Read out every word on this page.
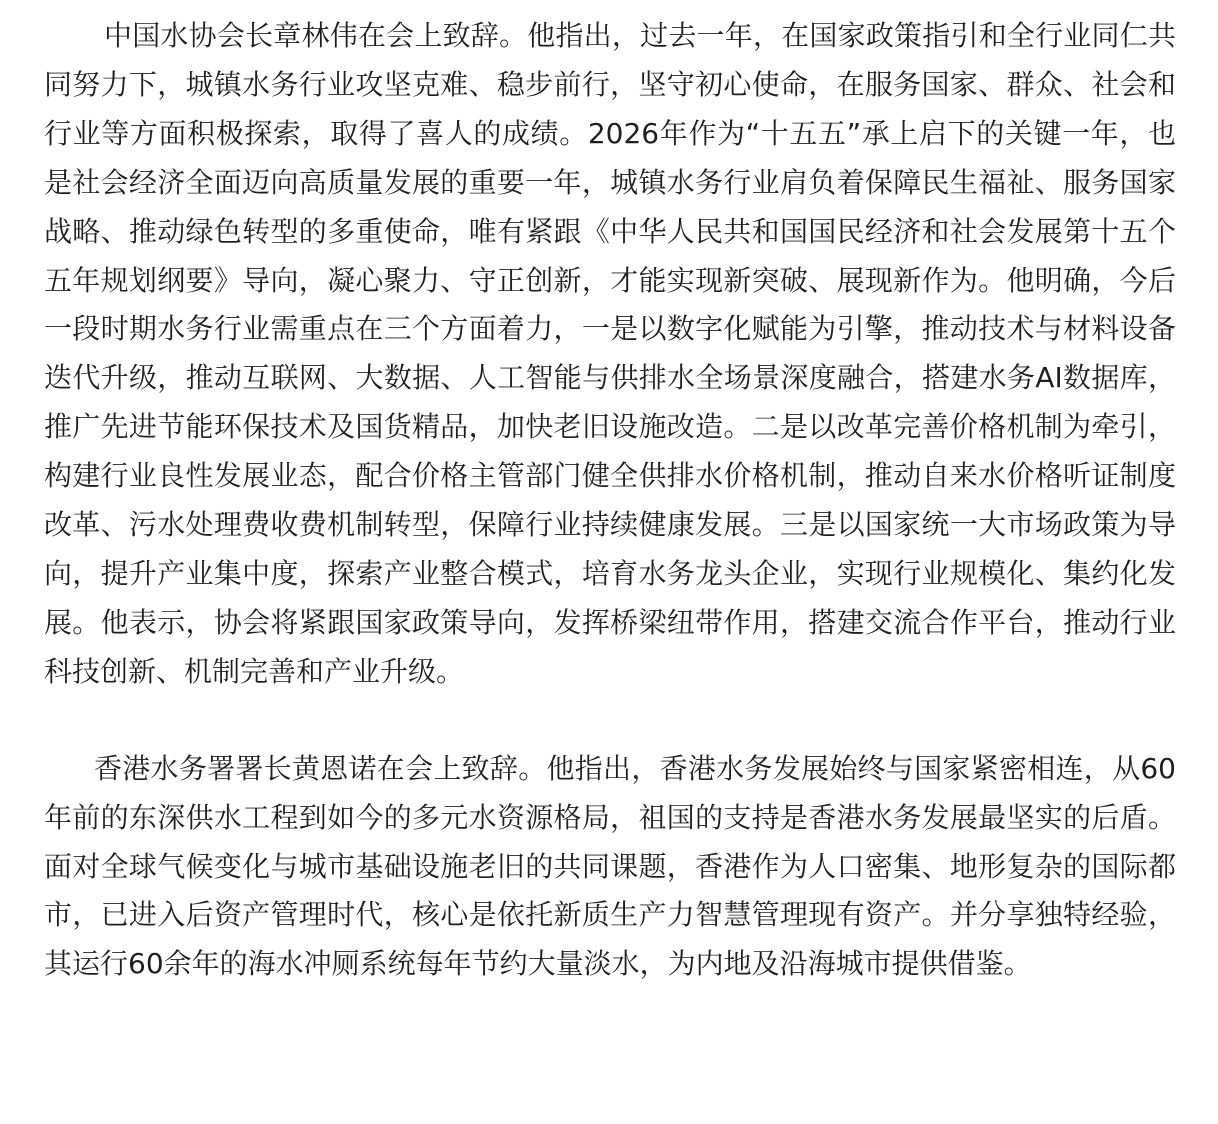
中国水协会长章林伟在会上致辞。他指出，过去一年，在国家政策指引和全行业同仁共同努力下，城镇水务行业攻坚克难、稳步前行，坚守初心使命，在服务国家、群众、社会和行业等方面积极探索，取得了喜人的成绩。2026年作为“十五五”承上启下的关键一年，也是社会经济全面迈向高质量发展的重要一年，城镇水务行业肩负着保障民生福祉、服务国家战略、推动绿色转型的多重使命，唯有紧跟《中华人民共和国国民经济和社会发展第十五个五年规划纲要》导向，凝心聚力、守正创新，才能实现新突破、展现新作为。他明确，今后一段时期水务行业需重点在三个方面着力，一是以数字化赋能为引擎，推动技术与材料设备迭代升级，推动互联网、大数据、人工智能与供排水全场景深度融合，搭建水务AI数据库，推广先进节能环保技术及国货精品，加快老旧设施改造。二是以改革完善价格机制为牵引，构建行业良性发展业态，配合价格主管部门健全供排水价格机制，推动自来水价格听证制度改革、污水处理费收费机制转型，保障行业持续健康发展。三是以国家统一大市场政策为导向，提升产业集中度，探索产业整合模式，培育水务龙头企业，实现行业规模化、集约化发展。他表示，协会将紧跟国家政策导向，发挥桥梁纽带作用，搭建交流合作平台，推动行业科技创新、机制完善和产业升级。

香港水务署署长黄恩诺在会上致辞。他指出，香港水务发展始终与国家紧密相连，从60年前的东深供水工程到如今的多元水资源格局，祖国的支持是香港水务发展最坚实的后盾。面对全球气候变化与城市基础设施老旧的共同课题，香港作为人口密集、地形复杂的国际都市，已进入后资产管理时代，核心是依托新质生产力智慧管理现有资产。并分享独特经验，其运行60余年的海水冲厕系统每年节约大量淡水，为内地及沿海城市提供借鉴。
